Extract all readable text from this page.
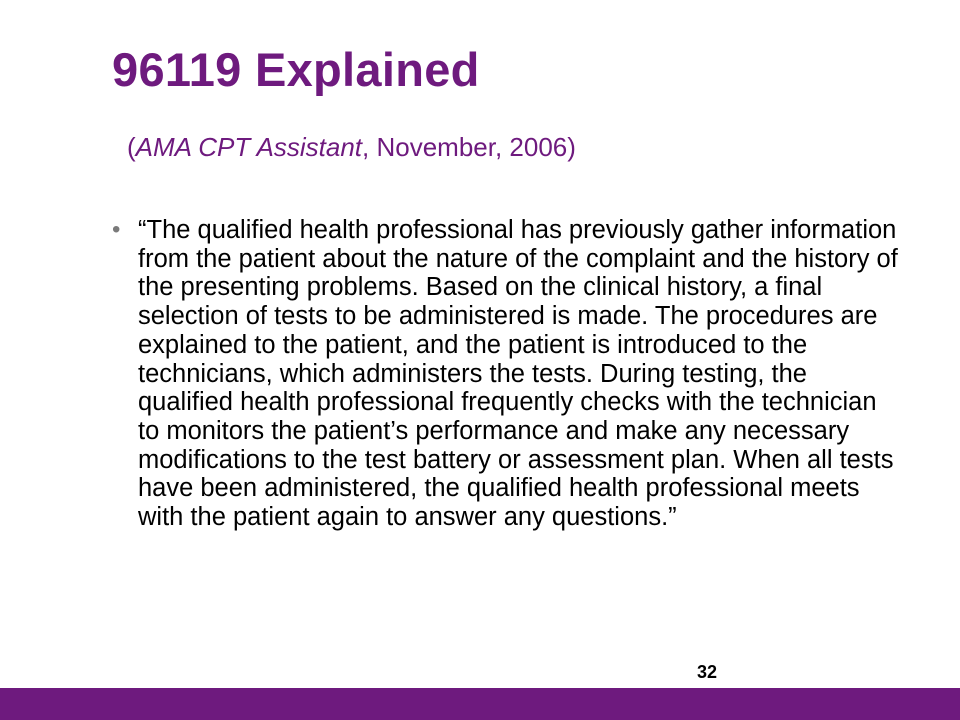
96119 Explained

(AMA CPT Assistant, November, 2006)

• “The qualified health professional has previously gather information from the patient about the nature of the complaint and the history of the presenting problems. Based on the clinical history, a final selection of tests to be administered is made. The procedures are explained to the patient, and the patient is introduced to the technicians, which administers the tests. During testing, the qualified health professional frequently checks with the technician to monitors the patient’s performance and make any necessary modifications to the test battery or assessment plan. When all tests have been administered, the qualified health professional meets with the patient again to answer any questions.”

32
